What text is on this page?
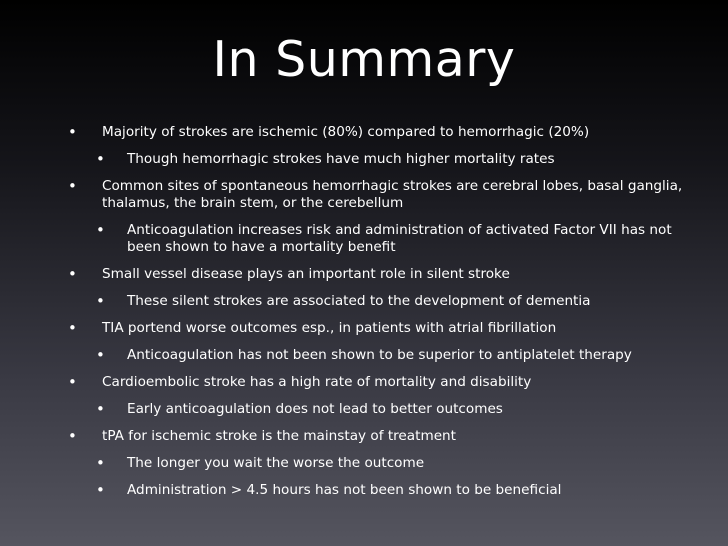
In Summary
• Majority of strokes are ischemic (80%) compared to hemorrhagic (20%)
• Though hemorrhagic strokes have much higher mortality rates
• Common sites of spontaneous hemorrhagic strokes are cerebral lobes, basal ganglia, thalamus, the brain stem, or the cerebellum
• Anticoagulation increases risk and administration of activated Factor VII has not been shown to have a mortality benefit
• Small vessel disease plays an important role in silent stroke
• These silent strokes are associated to the development of dementia
• TIA portend worse outcomes esp., in patients with atrial fibrillation
• Anticoagulation has not been shown to be superior to antiplatelet therapy
• Cardioembolic stroke has a high rate of mortality and disability
• Early anticoagulation does not lead to better outcomes
• tPA for ischemic stroke is the mainstay of treatment
• The longer you wait the worse the outcome
• Administration > 4.5 hours has not been shown to be beneficial
